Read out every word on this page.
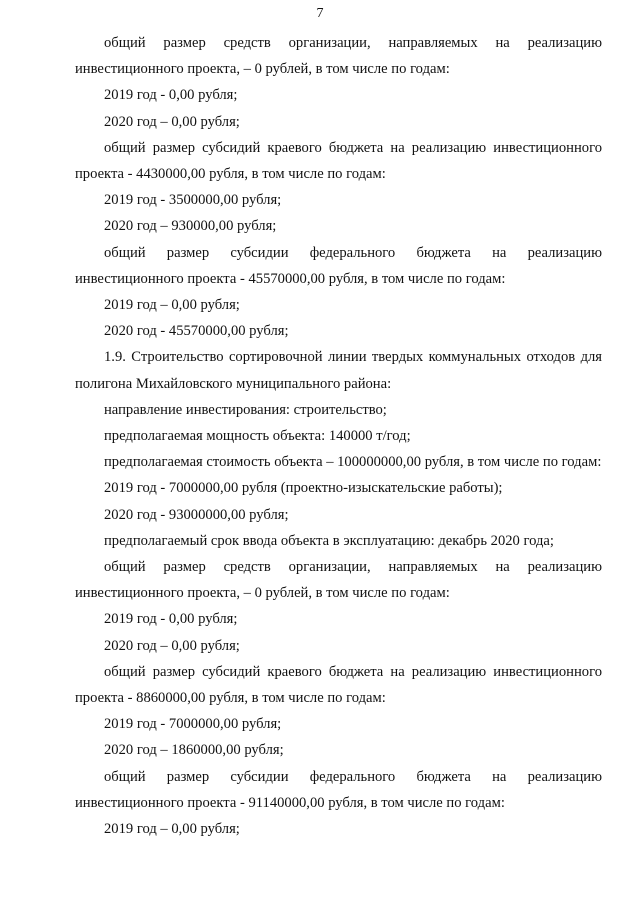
7

общий размер средств организации, направляемых на реализацию инвестиционного проекта, – 0 рублей, в том числе по годам:

2019 год - 0,00 рубля;

2020 год – 0,00 рубля;

общий размер субсидий краевого бюджета на реализацию инвестиционного проекта - 4430000,00 рубля, в том числе по годам:

2019 год - 3500000,00 рубля;

2020 год – 930000,00 рубля;

общий размер субсидии федерального бюджета на реализацию инвестиционного проекта - 45570000,00 рубля, в том числе по годам:

2019 год – 0,00 рубля;

2020 год - 45570000,00 рубля;

1.9. Строительство сортировочной линии твердых коммунальных отходов для полигона Михайловского муниципального района:

направление инвестирования: строительство;

предполагаемая мощность объекта: 140000 т/год;

предполагаемая стоимость объекта – 100000000,00 рубля, в том числе по годам:

2019 год - 7000000,00 рубля (проектно-изыскательские работы);

2020 год - 93000000,00 рубля;

предполагаемый срок ввода объекта в эксплуатацию: декабрь 2020 года;

общий размер средств организации, направляемых на реализацию инвестиционного проекта, – 0 рублей, в том числе по годам:

2019 год - 0,00 рубля;

2020 год – 0,00 рубля;

общий размер субсидий краевого бюджета на реализацию инвестиционного проекта - 8860000,00 рубля, в том числе по годам:

2019 год - 7000000,00 рубля;

2020 год – 1860000,00 рубля;

общий размер субсидии федерального бюджета на реализацию инвестиционного проекта - 91140000,00 рубля, в том числе по годам:

2019 год – 0,00 рубля;
